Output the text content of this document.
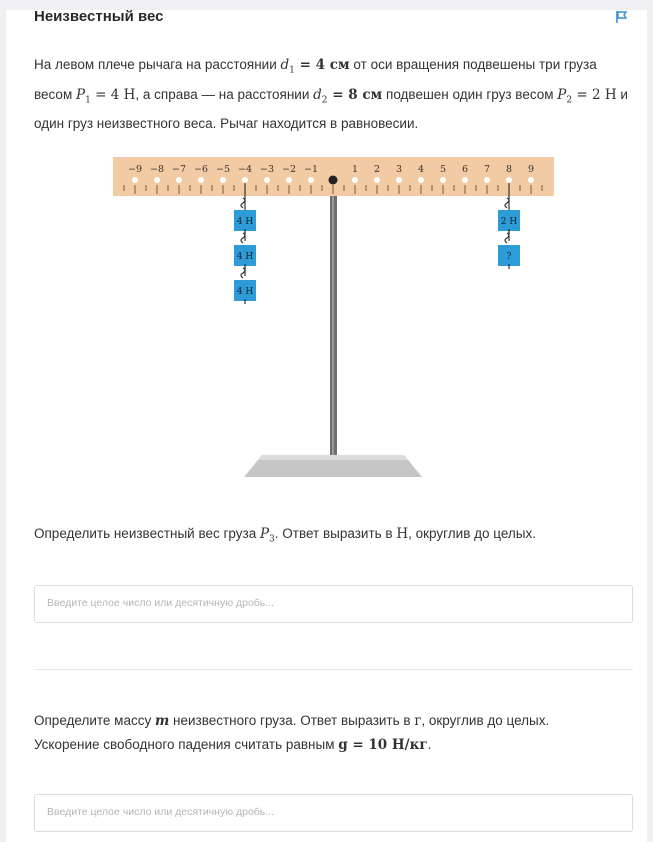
Неизвестный вес
На левом плече рычага на расстоянии $d_1 = 4$ см от оси вращения подвешены три груза
весом $P_1 = 4$ Н, а справа — на расстоянии $d_2 = 8$ см подвешен один груз весом $P_2 = 2$ Н и
один груз неизвестного веса. Рычаг находится в равновесии.
−9 −8 −7 −6 −5 −4 −3 −2 −1	1 2 3 4 5 6 7 8 9
4 Н
4 Н
4 Н
2 Н
?
Определить неизвестный вес груза $P_3$. Ответ выразить в Н, округлив до целых.
Введите целое число или десятичную дробь...
Определите массу m неизвестного груза. Ответ выразить в г, округлив до целых.
Ускорение свободного падения считать равным g = 10 Н/кг.
Введите целое число или десятичную дробь...
